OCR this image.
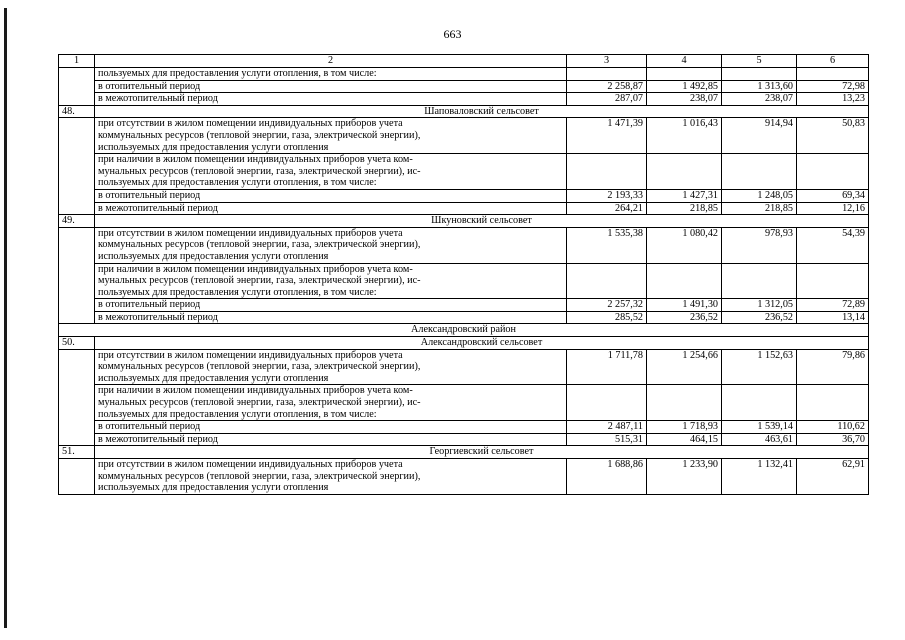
663
1	2	3	4	5	6
	пользуемых для предоставления услуги отопления, в том числе:				
	в отопительный период	2 258,87	1 492,85	1 313,60	72,98
	в межотопительный период	287,07	238,07	238,07	13,23
48.	Шаповаловский сельсовет				

	при отсутствии в жилом помещении индивидуальных приборов учета
коммунальных ресурсов (тепловой энергии, газа, электрической энергии),
используемых для предоставления услуги отопления	1 471,39	1 016,43	914,94	50,83

	при наличии в жилом помещении индивидуальных приборов учета ком-
мунальных ресурсов (тепловой энергии, газа, электрической энергии), ис-
пользуемых для предоставления услуги отопления, в том числе:				

	в отопительный период	2 193,33	1 427,31	1 248,05	69,34
	в межотопительный период	264,21	218,85	218,85	12,16
49.	Шкуновский сельсовет				

	при отсутствии в жилом помещении индивидуальных приборов учета
коммунальных ресурсов (тепловой энергии, газа, электрической энергии),
используемых для предоставления услуги отопления	1 535,38	1 080,42	978,93	54,39

	при наличии в жилом помещении индивидуальных приборов учета ком-
мунальных ресурсов (тепловой энергии, газа, электрической энергии), ис-
пользуемых для предоставления услуги отопления, в том числе:				

	в отопительный период	2 257,32	1 491,30	1 312,05	72,89
	в межотопительный период	285,52	236,52	236,52	13,14
Александровский район					
50.	Александровский сельсовет				

	при отсутствии в жилом помещении индивидуальных приборов учета
коммунальных ресурсов (тепловой энергии, газа, электрической энергии),
используемых для предоставления услуги отопления	1 711,78	1 254,66	1 152,63	79,86

	при наличии в жилом помещении индивидуальных приборов учета ком-
мунальных ресурсов (тепловой энергии, газа, электрической энергии), ис-
пользуемых для предоставления услуги отопления, в том числе:				

	в отопительный период	2 487,11	1 718,93	1 539,14	110,62
	в межотопительный период	515,31	464,15	463,61	36,70
51.	Георгиевский сельсовет				

	при отсутствии в жилом помещении индивидуальных приборов учета
коммунальных ресурсов (тепловой энергии, газа, электрической энергии),
используемых для предоставления услуги отопления	1 688,86	1 233,90	1 132,41	62,91
